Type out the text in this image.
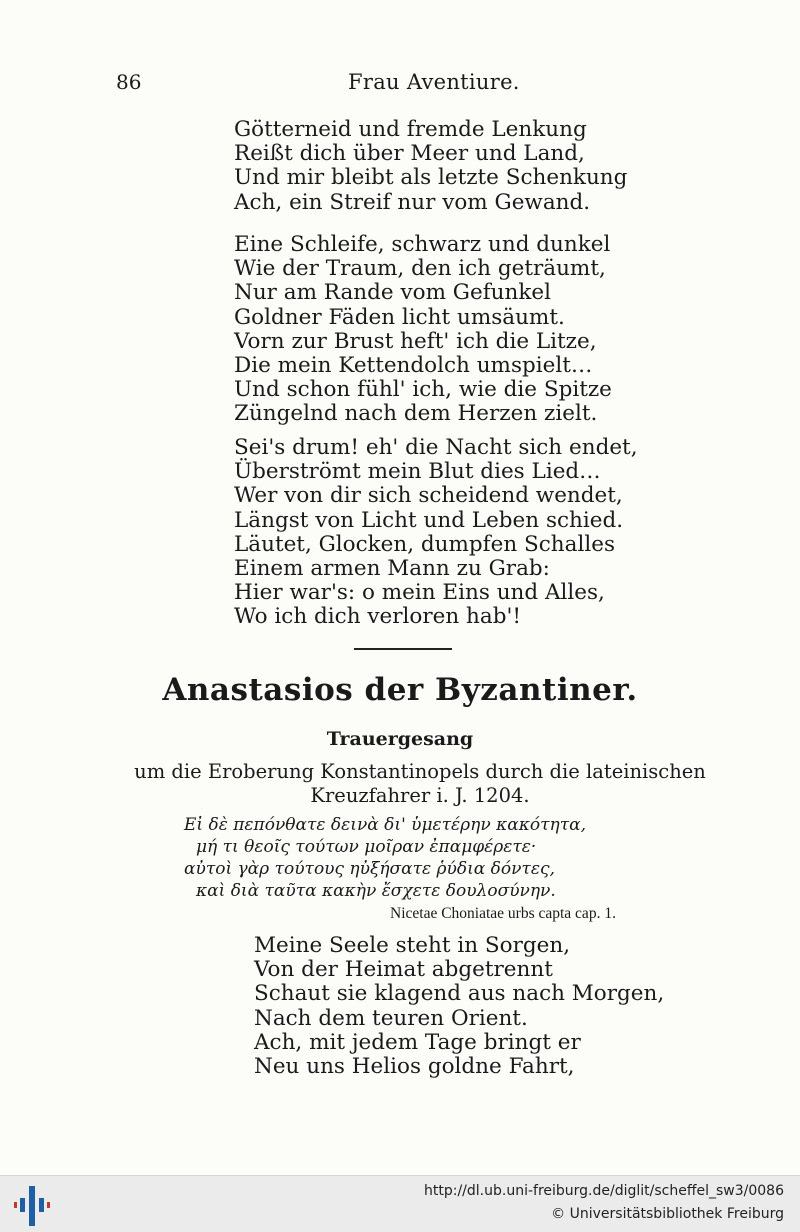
86	Frau Aventiure.
Götterneid und fremde Lenkung
Reißt dich über Meer und Land,
Und mir bleibt als letzte Schenkung
Ach, ein Streif nur vom Gewand.
Eine Schleife, schwarz und dunkel
Wie der Traum, den ich geträumt,
Nur am Rande vom Gefunkel
Goldner Fäden licht umsäumt.
Vorn zur Brust heft' ich die Litze,
Die mein Kettendolch umspielt…
Und schon fühl' ich, wie die Spitze
Züngelnd nach dem Herzen zielt.
Sei's drum! eh' die Nacht sich endet,
Überströmt mein Blut dies Lied…
Wer von dir sich scheidend wendet,
Längst von Licht und Leben schied.
Läutet, Glocken, dumpfen Schalles
Einem armen Mann zu Grab:
Hier war's: o mein Eins und Alles,
Wo ich dich verloren hab'!
Anastasios der Byzantiner.
Trauergesang
um die Eroberung Konstantinopels durch die lateinischen
Kreuzfahrer i. J. 1204.
Εἰ δὲ πεπόνθατε δεινὰ δι' ὑμετέρην κακότητα,
μή τι θεοῖς τούτων μοῖραν ἐπαμφέρετε·
αὐτοὶ γὰρ τούτους ηὐξήσατε ῥύδια δόντες,
καὶ διὰ ταῦτα κακὴν ἔσχετε δουλοσύνην.
Nicetae Choniatae urbs capta cap. 1.
Meine Seele steht in Sorgen,
Von der Heimat abgetrennt
Schaut sie klagend aus nach Morgen,
Nach dem teuren Orient.
Ach, mit jedem Tage bringt er
Neu uns Helios goldne Fahrt,
http://dl.ub.uni-freiburg.de/diglit/scheffel_sw3/0086
© Universitätsbibliothek Freiburg
